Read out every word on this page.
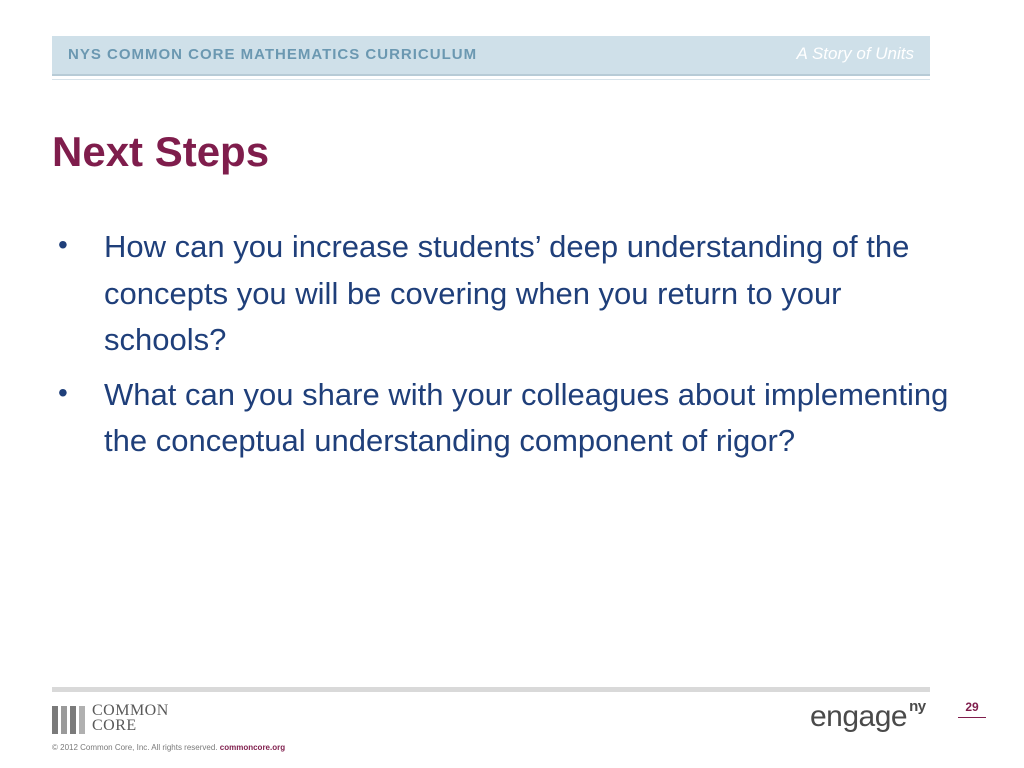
NYS COMMON CORE MATHEMATICS CURRICULUM	A Story of Units
Next Steps
• How can you increase students’ deep understanding of the concepts you will be covering when you return to your schools?
• What can you share with your colleagues about implementing the conceptual understanding component of rigor?
COMMON
CORE
© 2012 Common Core, Inc. All rights reserved. commoncore.org
engage $^{ny}$	29
